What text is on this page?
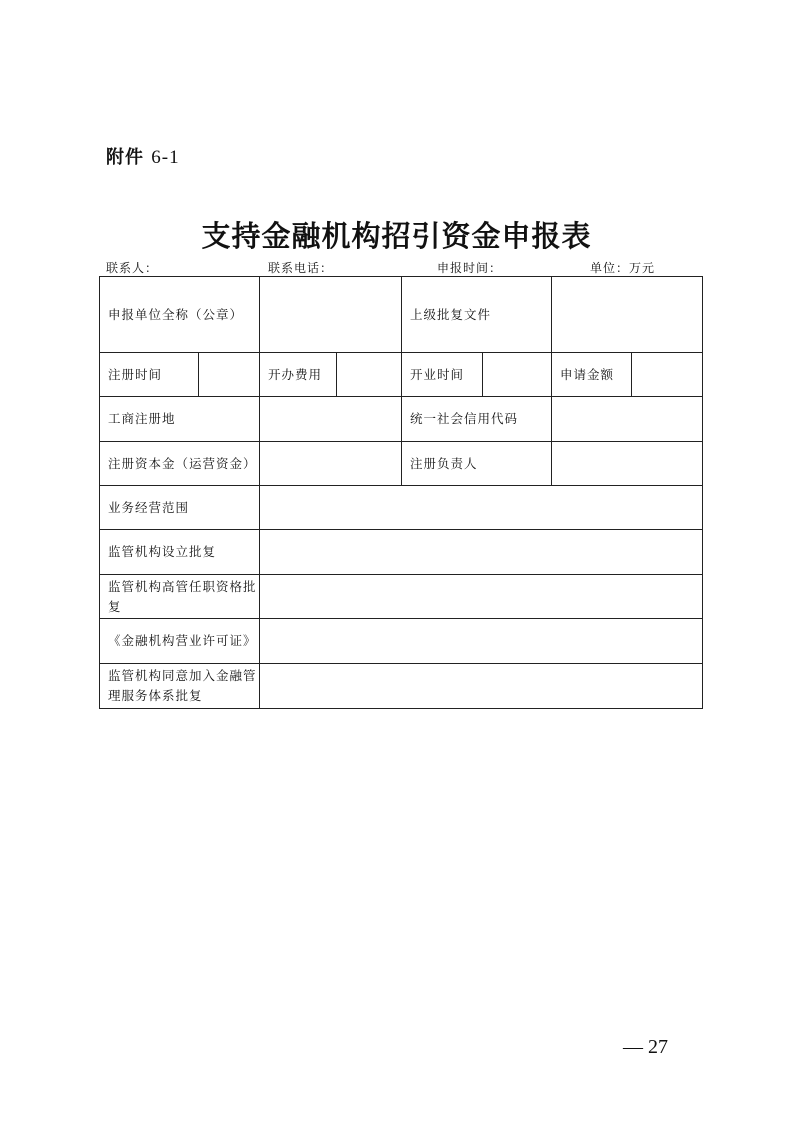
附件 6-1
支持金融机构招引资金申报表
联系人：	联系电话：	申报时间：	单位：万元
申报单位全称（公章）				上级批复文件			
注册时间		开办费用		开业时间		申请金额	
工商注册地				统一社会信用代码			
注册资本金（运营资金）				注册负责人			
业务经营范围							
监管机构设立批复							
监管机构高管任职资格批复							
《金融机构营业许可证》							
监管机构同意加入金融管理服务体系批复							
— 27
